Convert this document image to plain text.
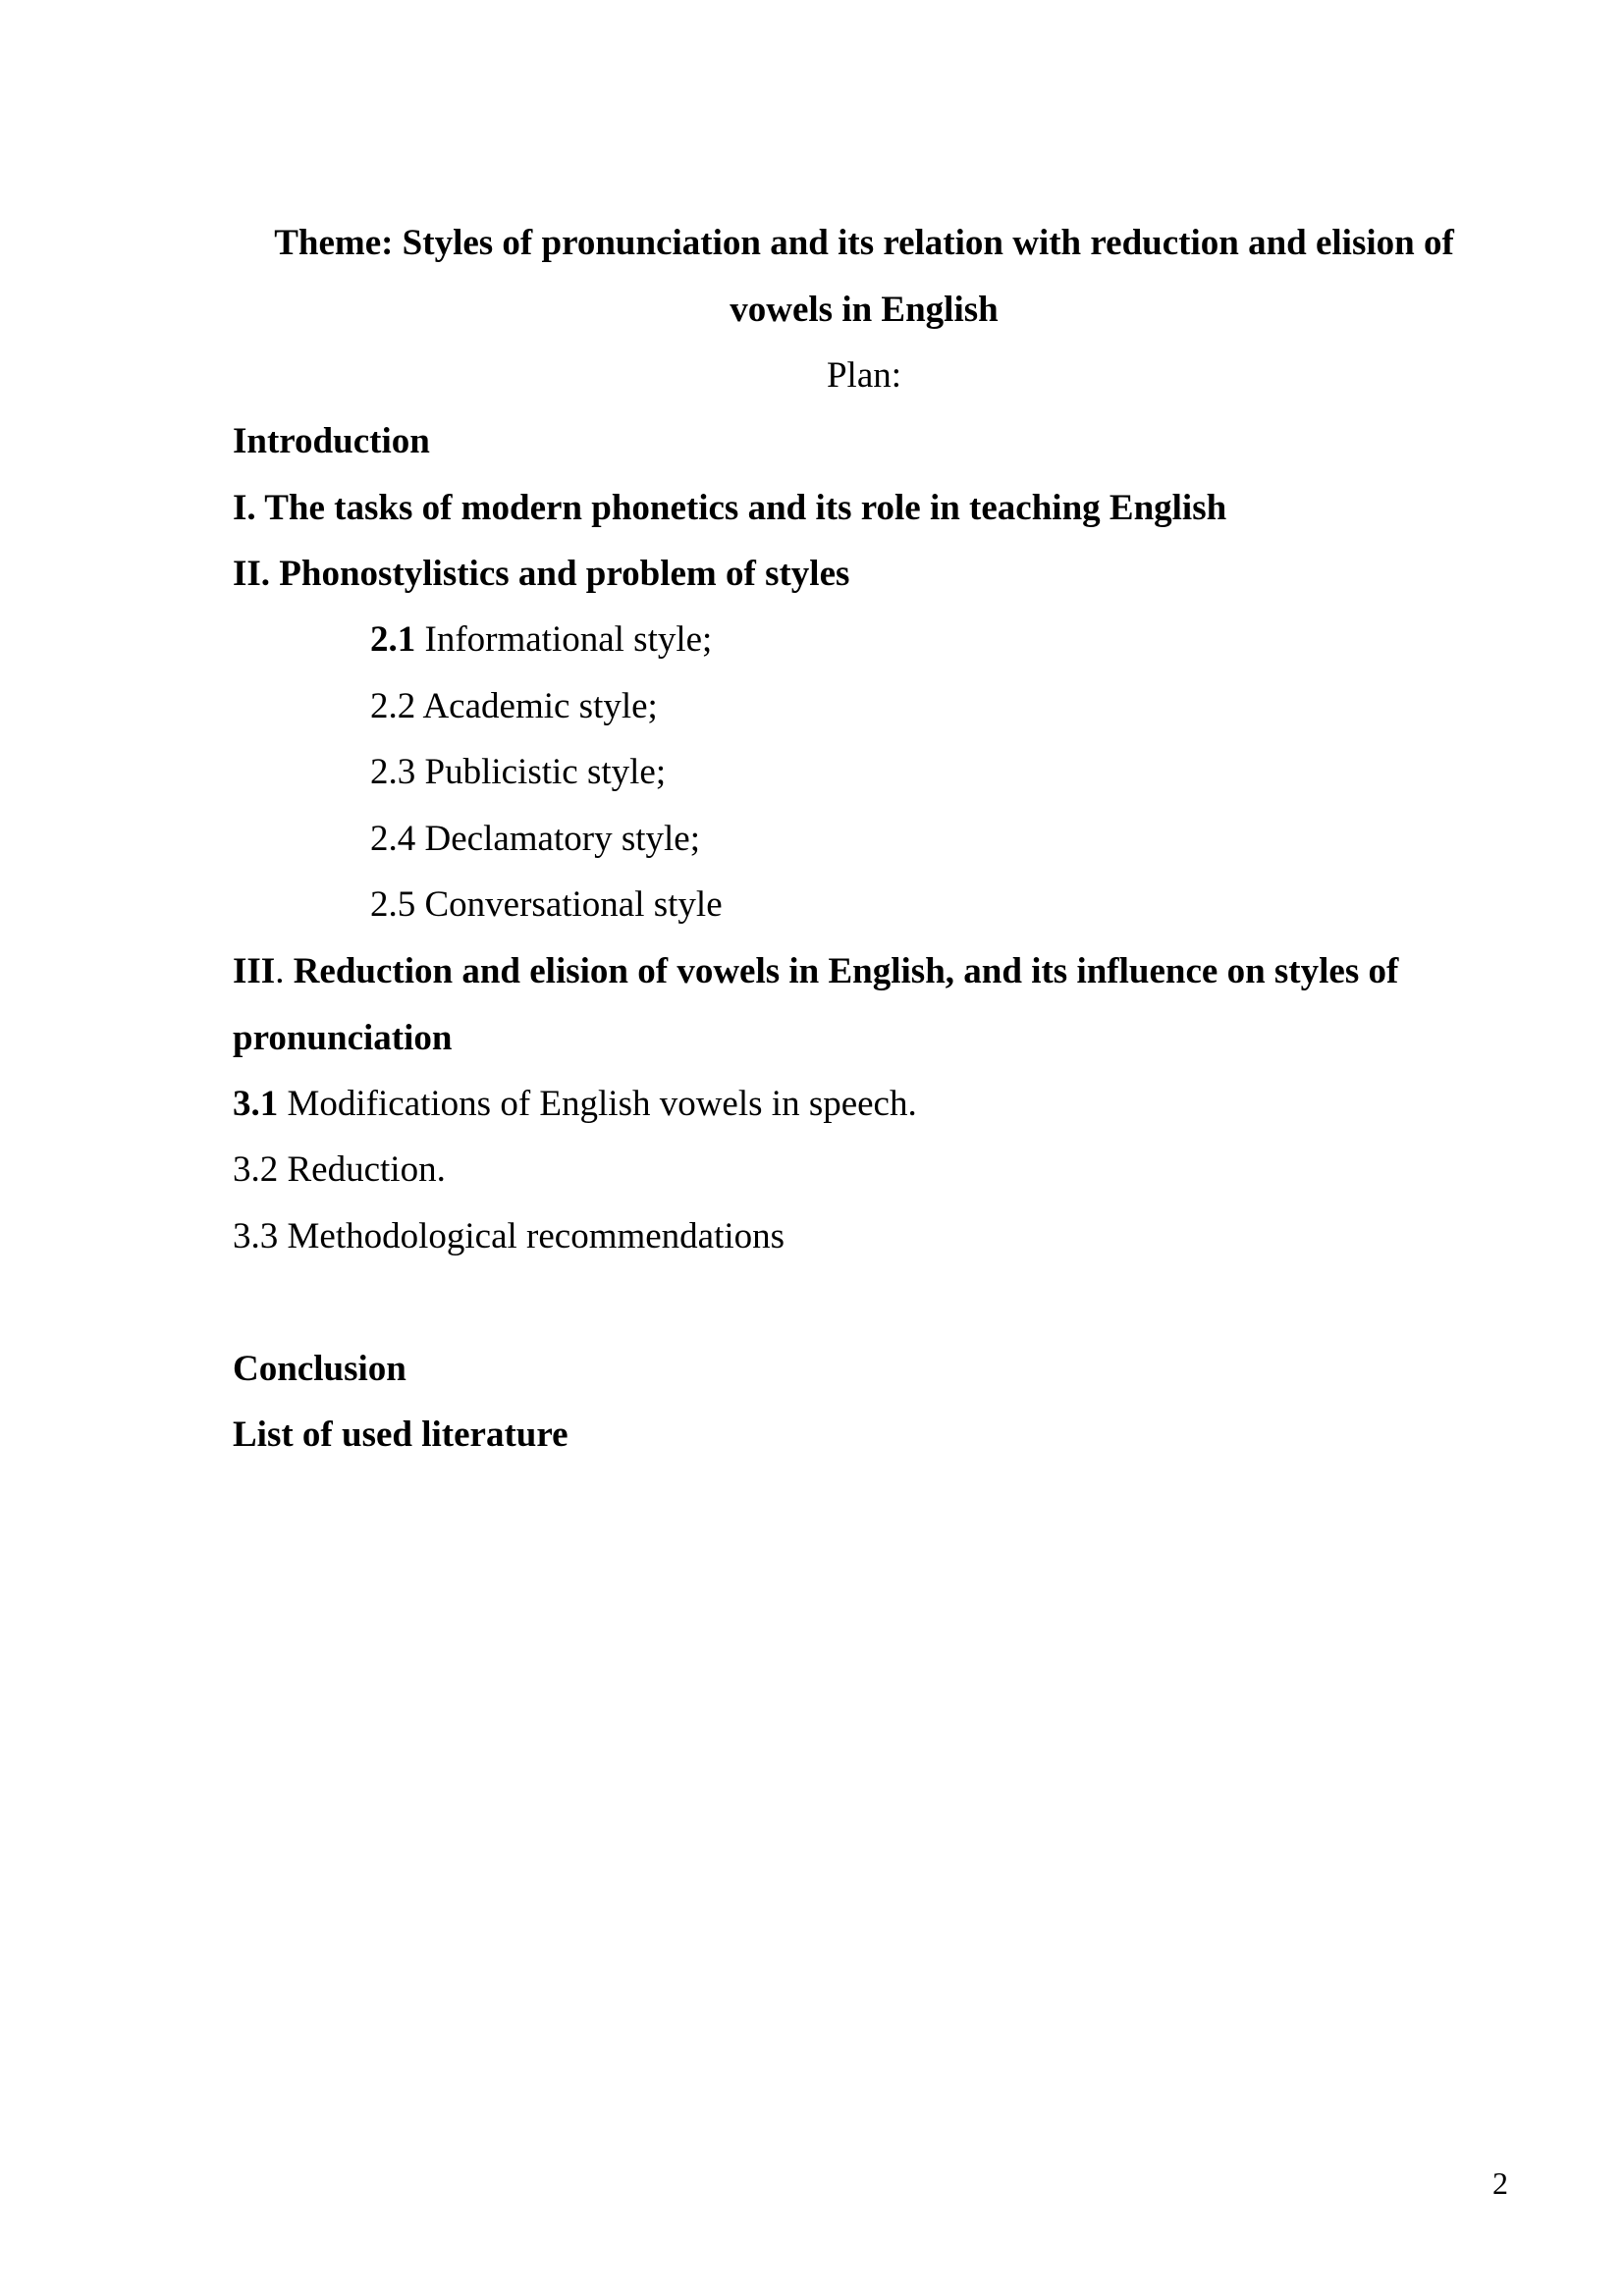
Theme: Styles of pronunciation and its relation with reduction and elision of vowels in English
Plan:
Introduction
I. The tasks of modern phonetics and its role in teaching English
II. Phonostylistics and problem of styles
2.1 Informational style;
2.2 Academic style;
2.3 Publicistic style;
2.4 Declamatory style;
2.5 Conversational style
III. Reduction and elision of vowels in English, and its influence on styles of pronunciation
3.1 Modifications of English vowels in speech.
3.2 Reduction.
3.3 Methodological recommendations
Conclusion
List of used literature
2
